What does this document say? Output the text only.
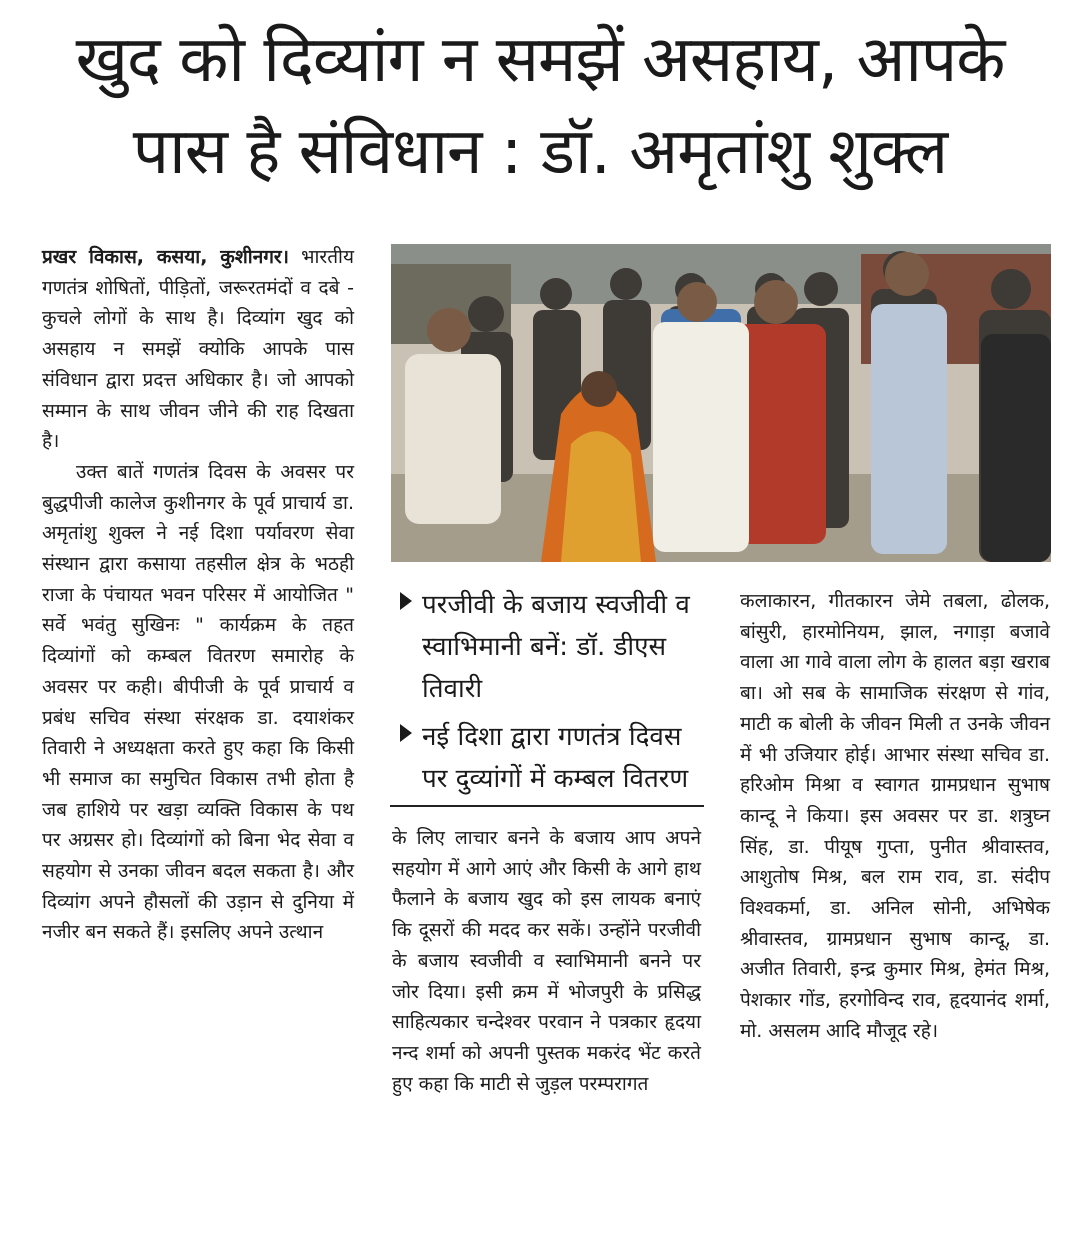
खुद को दिव्यांग न समझें असहाय, आपके
पास है संविधान : डॉ. अमृतांशु शुक्ल

प्रखर विकास, कसया, कुशीनगर। भारतीय गणतंत्र शोषितों, पीड़ितों, जरूरतमंदों व दबे - कुचले लोगों के साथ है। दिव्यांग खुद को असहाय न समझें क्योकि आपके पास संविधान द्वारा प्रदत्त अधिकार है। जो आपको सम्मान के साथ जीवन जीने की राह दिखता है।

उक्त बातें गणतंत्र दिवस के अवसर पर बुद्धपीजी कालेज कुशीनगर के पूर्व प्राचार्य डा. अमृतांशु शुक्ल ने नई दिशा पर्यावरण सेवा संस्थान द्वारा कसाया तहसील क्षेत्र के भठही राजा के पंचायत भवन परिसर में आयोजित " सर्वे भवंतु सुखिनः " कार्यक्रम के तहत दिव्यांगों को कम्बल वितरण समारोह के अवसर पर कही। बीपीजी के पूर्व प्राचार्य व प्रबंध सचिव संस्था संरक्षक डा. दयाशंकर तिवारी ने अध्यक्षता करते हुए कहा कि किसी भी समाज का समुचित विकास तभी होता है जब हाशिये पर खड़ा व्यक्ति विकास के पथ पर अग्रसर हो। दिव्यांगों को बिना भेद सेवा व सहयोग से उनका जीवन बदल सकता है। और दिव्यांग अपने हौसलों की उड़ान से दुनिया में नजीर बन सकते हैं। इसलिए अपने उत्थान

परजीवी के बजाय स्वजीवी व स्वाभिमानी बनें: डॉ. डीएस तिवारी
नई दिशा द्वारा गणतंत्र दिवस पर दुव्यांगों में कम्बल वितरण

के लिए लाचार बनने के बजाय आप अपने सहयोग में आगे आएं और किसी के आगे हाथ फैलाने के बजाय खुद को इस लायक बनाएं कि दूसरों की मदद कर सकें। उन्होंने परजीवी के बजाय स्वजीवी व स्वाभिमानी बनने पर जोर दिया। इसी क्रम में भोजपुरी के प्रसिद्ध साहित्यकार चन्देश्वर परवान ने पत्रकार हृदया नन्द शर्मा को अपनी पुस्तक मकरंद भेंट करते हुए कहा कि माटी से जुड़ल परम्परागत

कलाकारन, गीतकारन जेमे तबला, ढोलक, बांसुरी, हारमोनियम, झाल, नगाड़ा बजावे वाला आ गावे वाला लोग के हालत बड़ा खराब बा। ओ सब के सामाजिक संरक्षण से गांव, माटी क बोली के जीवन मिली त उनके जीवन में भी उजियार होई। आभार संस्था सचिव डा. हरिओम मिश्रा व स्वागत ग्रामप्रधान सुभाष कान्दू ने किया। इस अवसर पर डा. शत्रुघ्न सिंह, डा. पीयूष गुप्ता, पुनीत श्रीवास्तव, आशुतोष मिश्र, बल राम राव, डा. संदीप विश्वकर्मा, डा. अनिल सोनी, अभिषेक श्रीवास्तव, ग्रामप्रधान सुभाष कान्दू, डा. अजीत तिवारी, इन्द्र कुमार मिश्र, हेमंत मिश्र, पेशकार गोंड, हरगोविन्द राव, हृदयानंद शर्मा, मो. असलम आदि मौजूद रहे।
